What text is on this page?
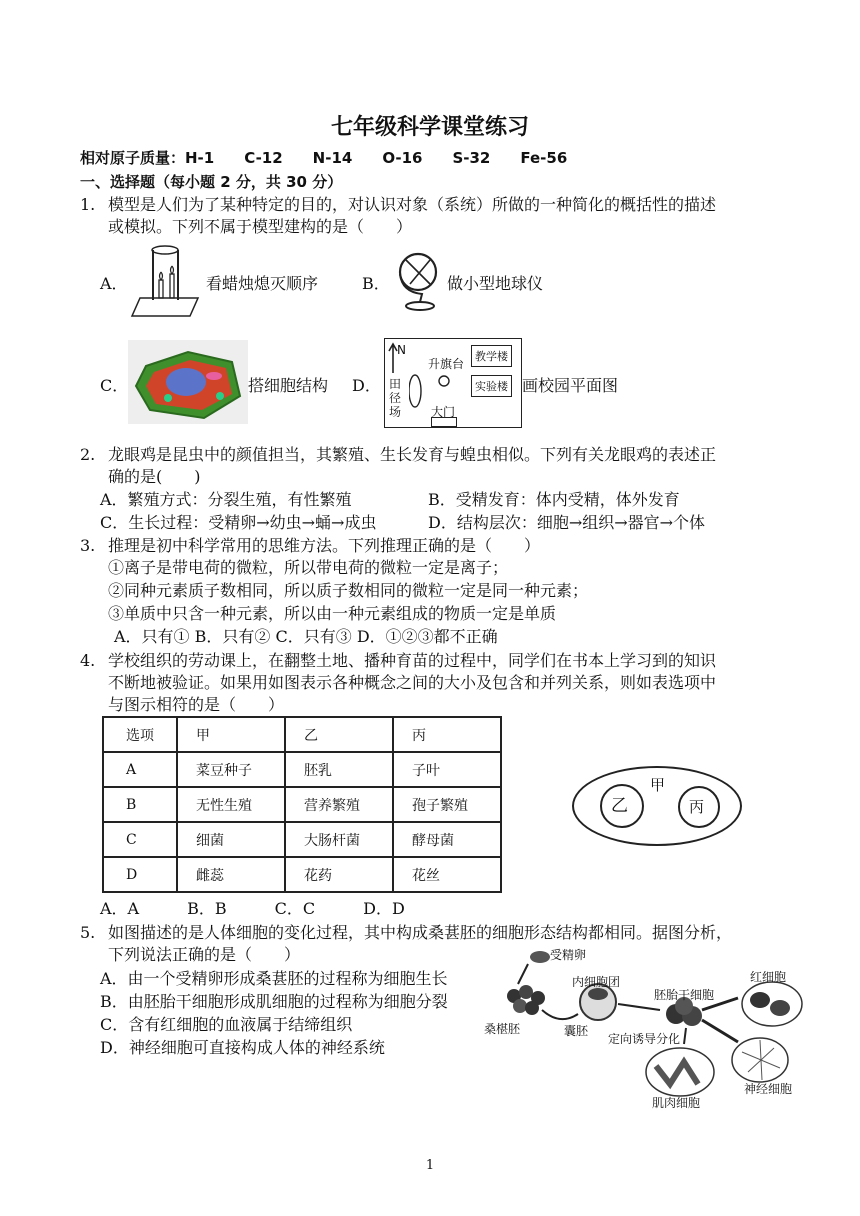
七年级科学课堂练习
相对原子质量：H-1　　C-12　　N-14　　O-16　　S-32　　Fe-56
一、选择题（每小题 2 分，共 30 分）
1. 模型是人们为了某种特定的目的，对认识对象（系统）所做的一种简化的概括性的描述
或模拟。下列不属于模型建构的是（　　）
A．	看蜡烛熄灭顺序	B．	做小型地球仪
C．	搭细胞结构 D．
N
田径场
升旗台
教学楼
实验楼
大门
画校园平面图
2. 龙眼鸡是昆虫中的颜值担当，其繁殖、生长发育与蝗虫相似。下列有关龙眼鸡的表述正
确的是(　　)
A．繁殖方式：分裂生殖，有性繁殖	B．受精发育：体内受精，体外发育
C．生长过程：受精卵→幼虫→蛹→成虫	D．结构层次：细胞→组织→器官→个体
3. 推理是初中科学常用的思维方法。下列推理正确的是（　　）
①离子是带电荷的微粒，所以带电荷的微粒一定是离子；
②同种元素质子数相同，所以质子数相同的微粒一定是同一种元素；
③单质中只含一种元素，所以由一种元素组成的物质一定是单质
A．只有① B．只有② C．只有③ D．①②③都不正确
4. 学校组织的劳动课上，在翻整土地、播种育苗的过程中，同学们在书本上学习到的知识
不断地被验证。如果用如图表示各种概念之间的大小及包含和并列关系，则如表选项中
与图示相符的是（　　）
选项	甲	乙	丙
A	菜豆种子	胚乳	子叶
B	无性生殖	营养繁殖	孢子繁殖
C	细菌	大肠杆菌	酵母菌
D	雌蕊	花药	花丝
甲
乙	丙
A．A　　　B．B　　　C．C　　　D．D
5. 如图描述的是人体细胞的变化过程，其中构成桑葚胚的细胞形态结构都相同。据图分析，
下列说法正确的是（　　）
A．由一个受精卵形成桑葚胚的过程称为细胞生长
B．由胚胎干细胞形成肌细胞的过程称为细胞分裂
C．含有红细胞的血液属于结缔组织
D．神经细胞可直接构成人体的神经系统
受精卵
内细胞团
胚胎干细胞
红细胞
桑椹胚	囊胚
定向诱导分化
神经细胞
肌肉细胞
1
